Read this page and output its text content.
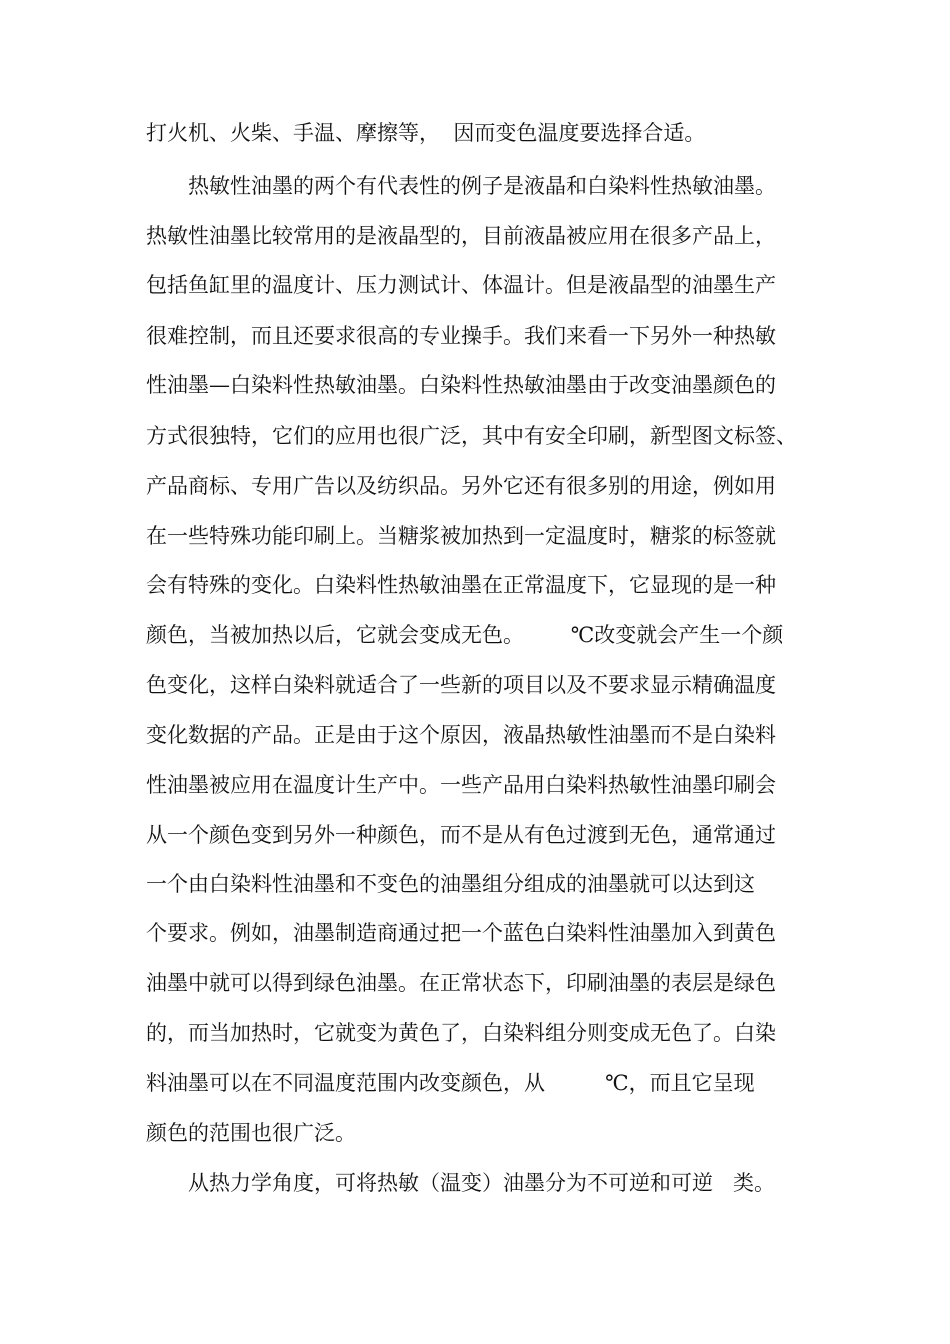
打火机、火柴、手温、摩擦等，  因而变色温度要选择合适。
热敏性油墨的两个有代表性的例子是液晶和白染料性热敏油墨。
热敏性油墨比较常用的是液晶型的，目前液晶被应用在很多产品上，
包括鱼缸里的温度计、压力测试计、体温计。但是液晶型的油墨生产
很难控制，而且还要求很高的专业操手。我们来看一下另外一种热敏
性油墨—白染料性热敏油墨。白染料性热敏油墨由于改变油墨颜色的
方式很独特，它们的应用也很广泛，其中有安全印刷，新型图文标签、
产品商标、专用广告以及纺织品。另外它还有很多别的用途，例如用
在一些特殊功能印刷上。当糖浆被加热到一定温度时，糖浆的标签就
会有特殊的变化。白染料性热敏油墨在正常温度下，它显现的是一种
颜色，当被加热以后，它就会变成无色。       ℃改变就会产生一个颜
色变化，这样白染料就适合了一些新的项目以及不要求显示精确温度
变化数据的产品。正是由于这个原因，液晶热敏性油墨而不是白染料
性油墨被应用在温度计生产中。一些产品用白染料热敏性油墨印刷会
从一个颜色变到另外一种颜色，而不是从有色过渡到无色，通常通过
一个由白染料性油墨和不变色的油墨组分组成的油墨就可以达到这
个要求。例如，油墨制造商通过把一个蓝色白染料性油墨加入到黄色
油墨中就可以得到绿色油墨。在正常状态下，印刷油墨的表层是绿色
的，而当加热时，它就变为黄色了，白染料组分则变成无色了。白染
料油墨可以在不同温度范围内改变颜色，从         ℃，而且它呈现
颜色的范围也很广泛。
从热力学角度，可将热敏（温变）油墨分为不可逆和可逆   类。
